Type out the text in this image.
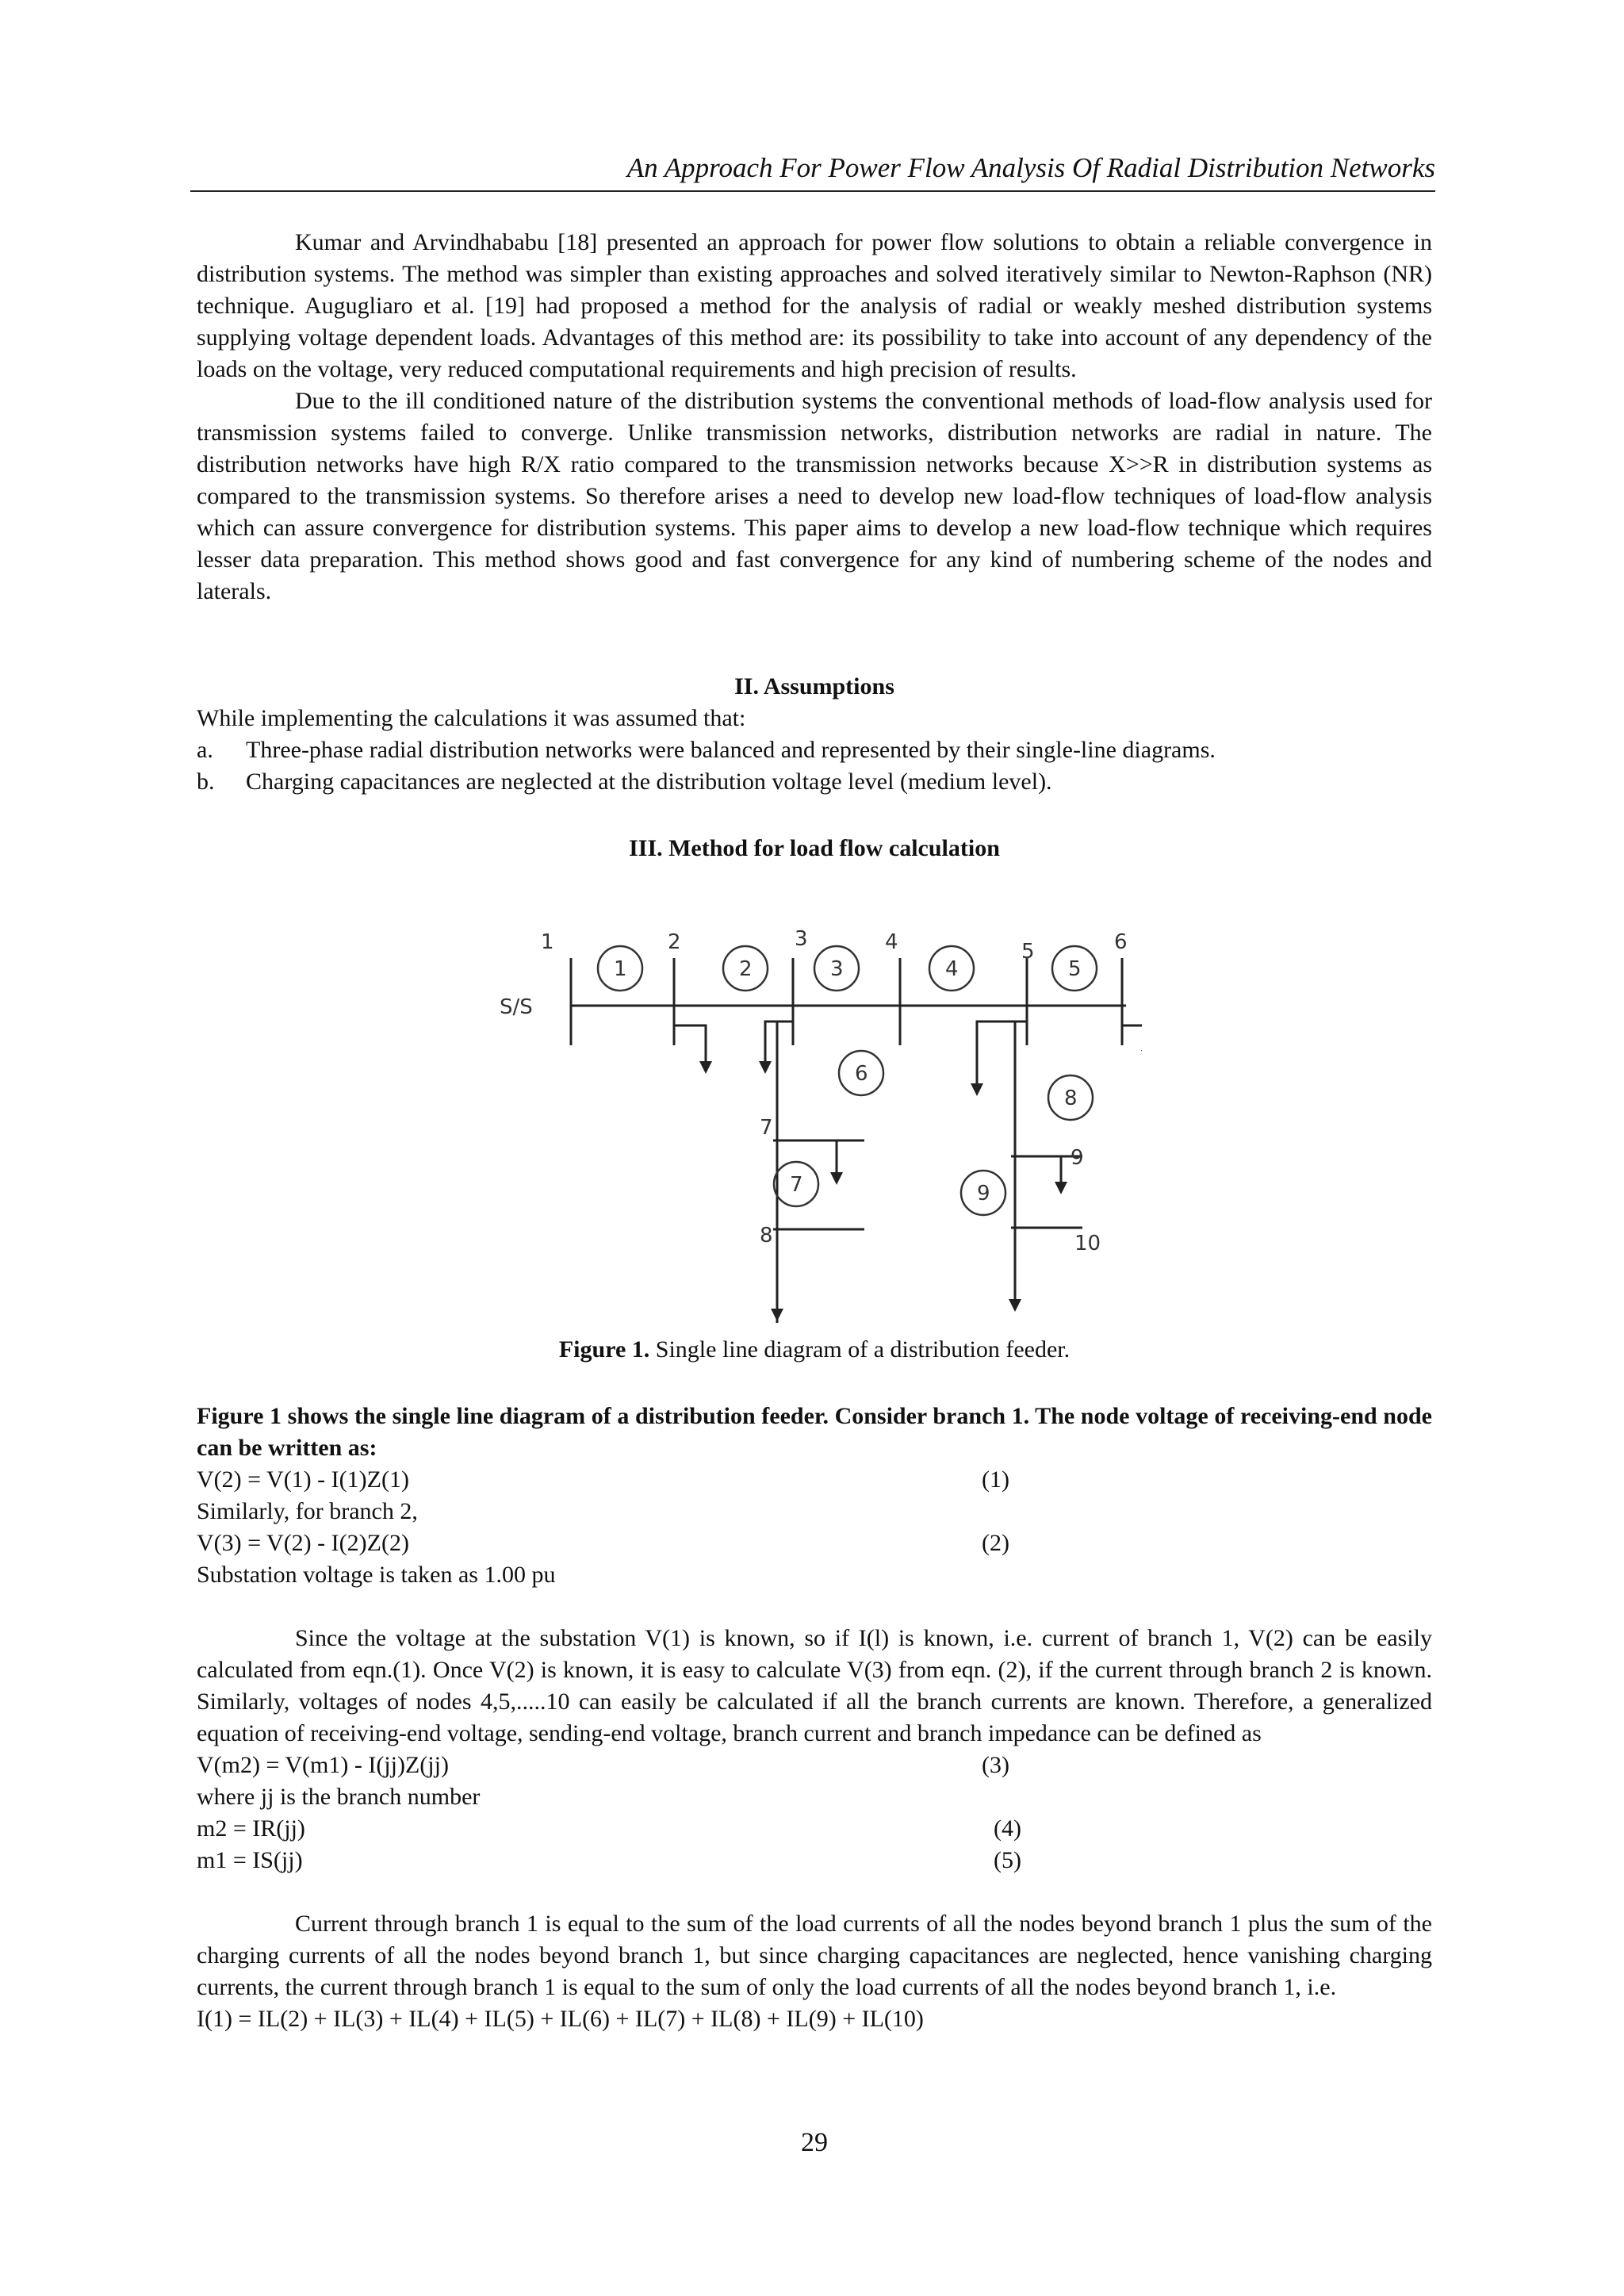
An Approach For Power Flow Analysis Of Radial Distribution Networks

Kumar and Arvindhababu [18] presented an approach for power flow solutions to obtain a reliable convergence in distribution systems. The method was simpler than existing approaches and solved iteratively similar to Newton-Raphson (NR) technique. Augugliaro et al. [19] had proposed a method for the analysis of radial or weakly meshed distribution systems supplying voltage dependent loads. Advantages of this method are: its possibility to take into account of any dependency of the loads on the voltage, very reduced computational requirements and high precision of results.

Due to the ill conditioned nature of the distribution systems the conventional methods of load-flow analysis used for transmission systems failed to converge. Unlike transmission networks, distribution networks are radial in nature. The distribution networks have high R/X ratio compared to the transmission networks because X>>R in distribution systems as compared to the transmission systems. So therefore arises a need to develop new load-flow techniques of load-flow analysis which can assure convergence for distribution systems. This paper aims to develop a new load-flow technique which requires lesser data preparation. This method shows good and fast convergence for any kind of numbering scheme of the nodes and laterals.

II. Assumptions

While implementing the calculations it was assumed that:

a.	Three-phase radial distribution networks were balanced and represented by their single-line diagrams.
b.	Charging capacitances are neglected at the distribution voltage level (medium level).

III. Method for load flow calculation

S/S
1	2	3	4	5	6
7
8
9
10
1	2	3	4	5
6
7
8
9
Figure 1. Single line diagram of a distribution feeder.

Figure 1 shows the single line diagram of a distribution feeder. Consider branch 1. The node voltage of receiving-end node can be written as:

V(2) = V(1) - I(1)Z(1)	(1)

Similarly, for branch 2,

V(3) = V(2) - I(2)Z(2)	(2)

Substation voltage is taken as 1.00 pu

Since the voltage at the substation V(1) is known, so if I(l) is known, i.e. current of branch 1, V(2) can be easily calculated from eqn.(1). Once V(2) is known, it is easy to calculate V(3) from eqn. (2), if the current through branch 2 is known. Similarly, voltages of nodes 4,5,.....10 can easily be calculated if all the branch currents are known. Therefore, a generalized equation of receiving-end voltage, sending-end voltage, branch current and branch impedance can be defined as

V(m2) = V(m1) - I(jj)Z(jj)	(3)

where jj is the branch number

m2 = IR(jj)	(4)
m1 = IS(jj)	(5)

Current through branch 1 is equal to the sum of the load currents of all the nodes beyond branch 1 plus the sum of the charging currents of all the nodes beyond branch 1, but since charging capacitances are neglected, hence vanishing charging currents, the current through branch 1 is equal to the sum of only the load currents of all the nodes beyond branch 1, i.e.

I(1) = IL(2) + IL(3) + IL(4) + IL(5) + IL(6) + IL(7) + IL(8) + IL(9) + IL(10)

29
